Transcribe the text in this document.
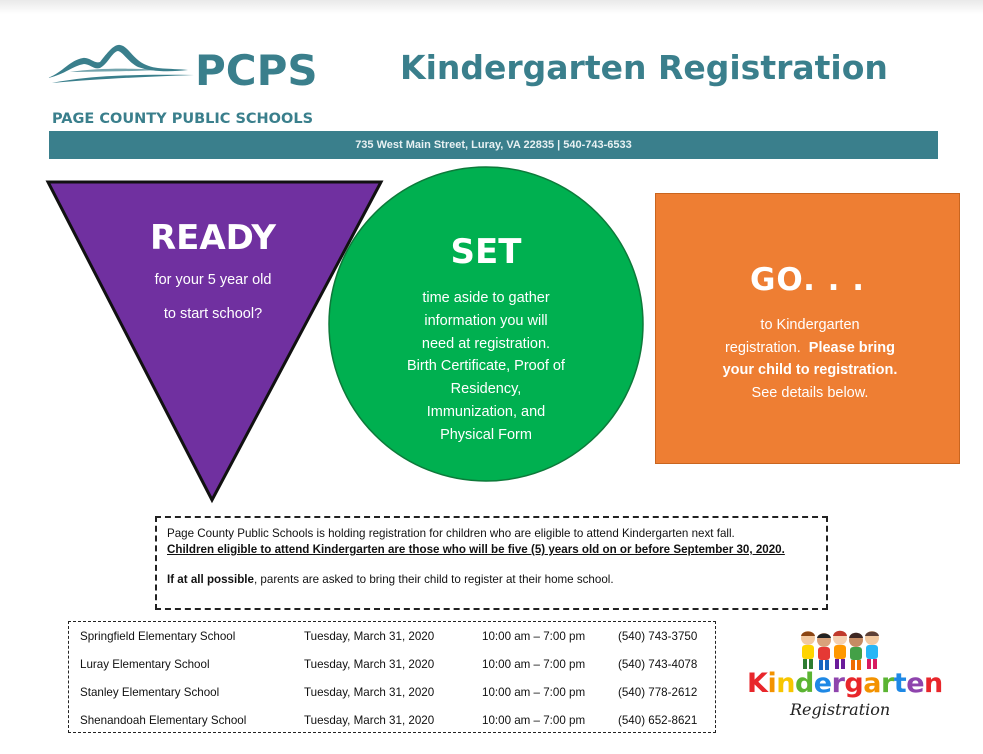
PCPS
PAGE COUNTY PUBLIC SCHOOLS
Kindergarten Registration
735 West Main Street, Luray, VA 22835 | 540-743-6533
READY
for your 5 year old
to start school?
SET
time aside to gather
information you will
need at registration.
Birth Certificate, Proof of
Residency,
Immunization, and
Physical Form
GO. . .
to Kindergarten
registration. Please bring
your child to registration.
See details below.
Page County Public Schools is holding registration for children who are eligible to attend Kindergarten next fall.
Children eligible to attend Kindergarten are those who will be five (5) years old on or before September 30, 2020.
If at all possible, parents are asked to bring their child to register at their home school.
Springfield Elementary School	Tuesday, March 31, 2020	10:00 am – 7:00 pm	(540) 743-3750
Luray Elementary School	Tuesday, March 31, 2020	10:00 am – 7:00 pm	(540) 743-4078
Stanley Elementary School	Tuesday, March 31, 2020	10:00 am – 7:00 pm	(540) 778-2612
Shenandoah Elementary School	Tuesday, March 31, 2020	10:00 am – 7:00 pm	(540) 652-8621
Kindergarten
Registration
